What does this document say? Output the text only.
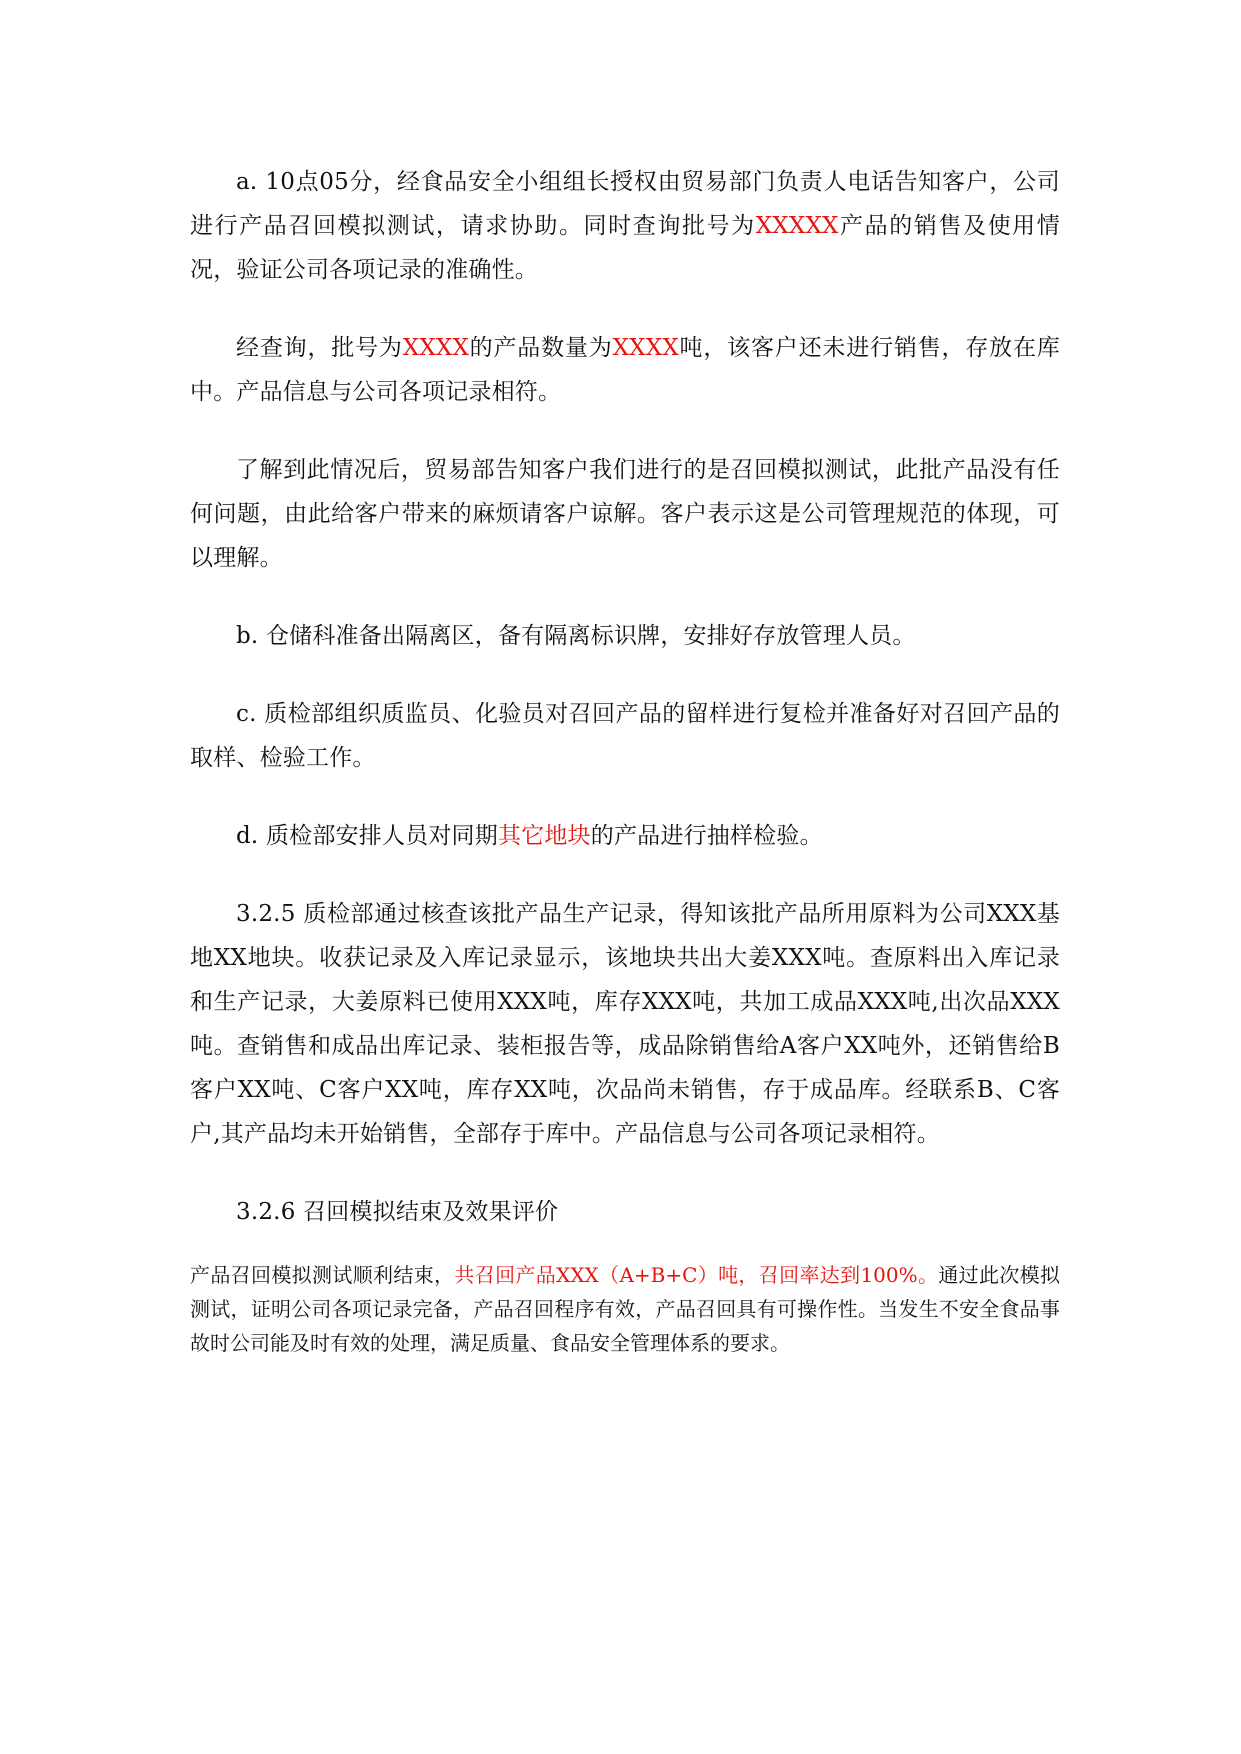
a. 10点05分，经食品安全小组组长授权由贸易部门负责人电话告知客户，公司进行产品召回模拟测试，请求协助。同时查询批号为XXXXX产品的销售及使用情况，验证公司各项记录的准确性。

经查询，批号为XXXX的产品数量为XXXX吨，该客户还未进行销售，存放在库中。产品信息与公司各项记录相符。

了解到此情况后，贸易部告知客户我们进行的是召回模拟测试，此批产品没有任何问题，由此给客户带来的麻烦请客户谅解。客户表示这是公司管理规范的体现，可以理解。

b. 仓储科准备出隔离区，备有隔离标识牌，安排好存放管理人员。

c. 质检部组织质监员、化验员对召回产品的留样进行复检并准备好对召回产品的取样、检验工作。

d. 质检部安排人员对同期其它地块的产品进行抽样检验。

3.2.5 质检部通过核查该批产品生产记录，得知该批产品所用原料为公司XXX基地XX地块。收获记录及入库记录显示，该地块共出大姜XXX吨。查原料出入库记录和生产记录，大姜原料已使用XXX吨，库存XXX吨，共加工成品XXX吨,出次品XXX吨。查销售和成品出库记录、装柜报告等，成品除销售给A客户XX吨外，还销售给B客户XX吨、C客户XX吨，库存XX吨，次品尚未销售，存于成品库。经联系B、C客户,其产品均未开始销售，全部存于库中。产品信息与公司各项记录相符。

3.2.6 召回模拟结束及效果评价

产品召回模拟测试顺利结束，共召回产品XXX（A+B+C）吨，召回率达到100%。通过此次模拟测试，证明公司各项记录完备，产品召回程序有效，产品召回具有可操作性。当发生不安全食品事故时公司能及时有效的处理，满足质量、食品安全管理体系的要求。
